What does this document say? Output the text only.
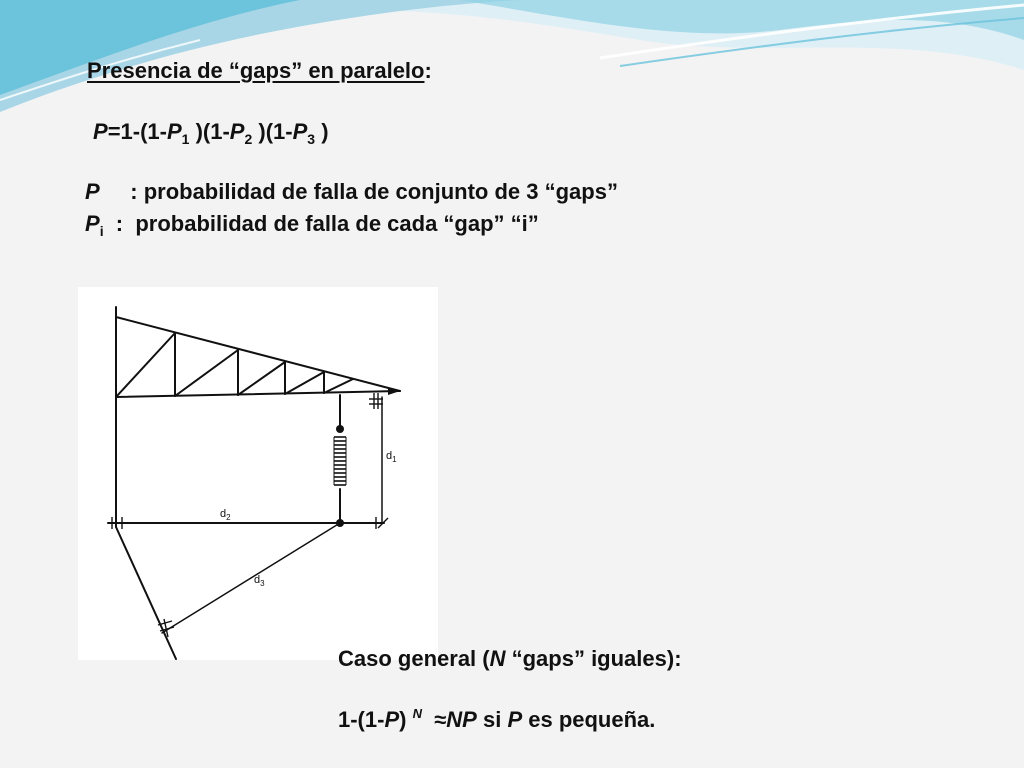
Presencia de “gaps” en paralelo:
$P=1-(1-P_1$ )($1-P_2$ )($1-P_3$ )
P     : probabilidad de falla de conjunto de 3 “gaps”
$P_i$  :  probabilidad de falla de cada “gap” “i”
$d_1$
$d_2$
$d_3$
Caso general (N “gaps” iguales):
1-(1-P) $^N$  ≈NP si P es pequeña.
